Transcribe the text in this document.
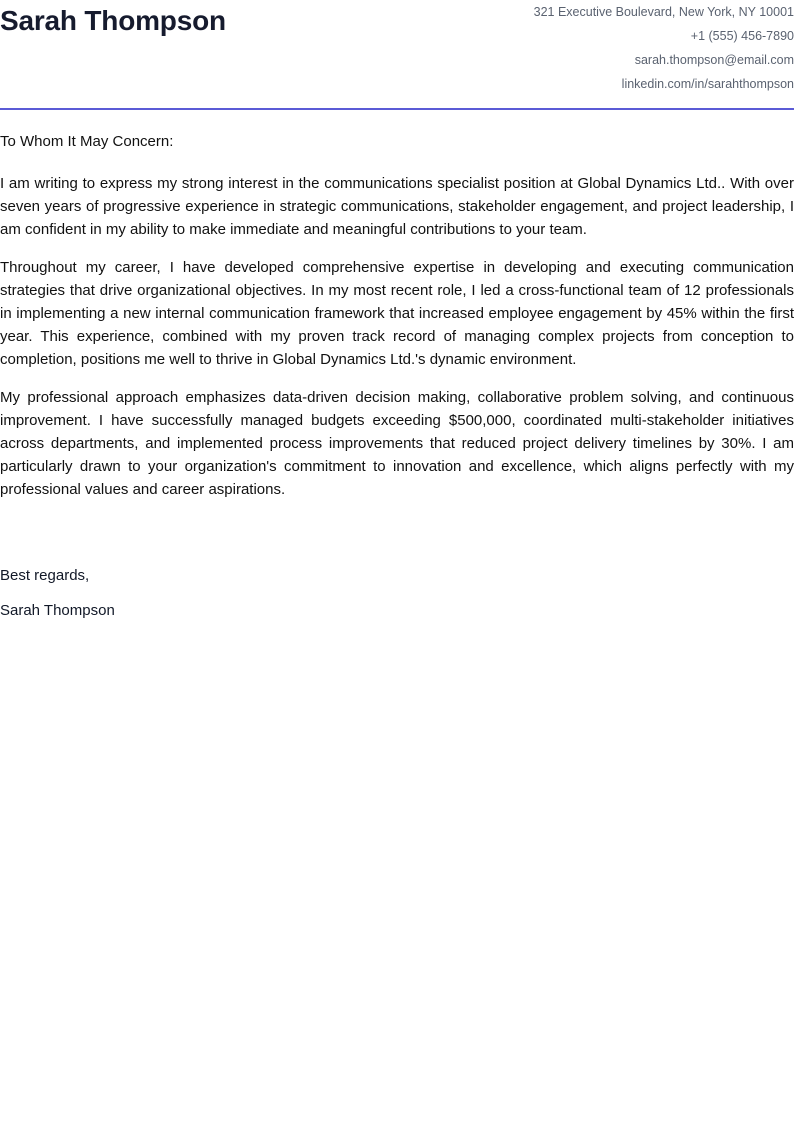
Sarah Thompson	321 Executive Boulevard, New York, NY 10001
+1 (555) 456-7890
sarah.thompson@email.com
linkedin.com/in/sarahthompson

To Whom It May Concern:

I am writing to express my strong interest in the communications specialist position at Global Dynamics Ltd.. With over seven years of progressive experience in strategic communications, stakeholder engagement, and project leadership, I am confident in my ability to make immediate and meaningful contributions to your team.

Throughout my career, I have developed comprehensive expertise in developing and executing communication strategies that drive organizational objectives. In my most recent role, I led a cross-functional team of 12 professionals in implementing a new internal communication framework that increased employee engagement by 45% within the first year. This experience, combined with my proven track record of managing complex projects from conception to completion, positions me well to thrive in Global Dynamics Ltd.'s dynamic environment.

My professional approach emphasizes data-driven decision making, collaborative problem solving, and continuous improvement. I have successfully managed budgets exceeding $500,000, coordinated multi-stakeholder initiatives across departments, and implemented process improvements that reduced project delivery timelines by 30%. I am particularly drawn to your organization's commitment to innovation and excellence, which aligns perfectly with my professional values and career aspirations.

Best regards,
Sarah Thompson
